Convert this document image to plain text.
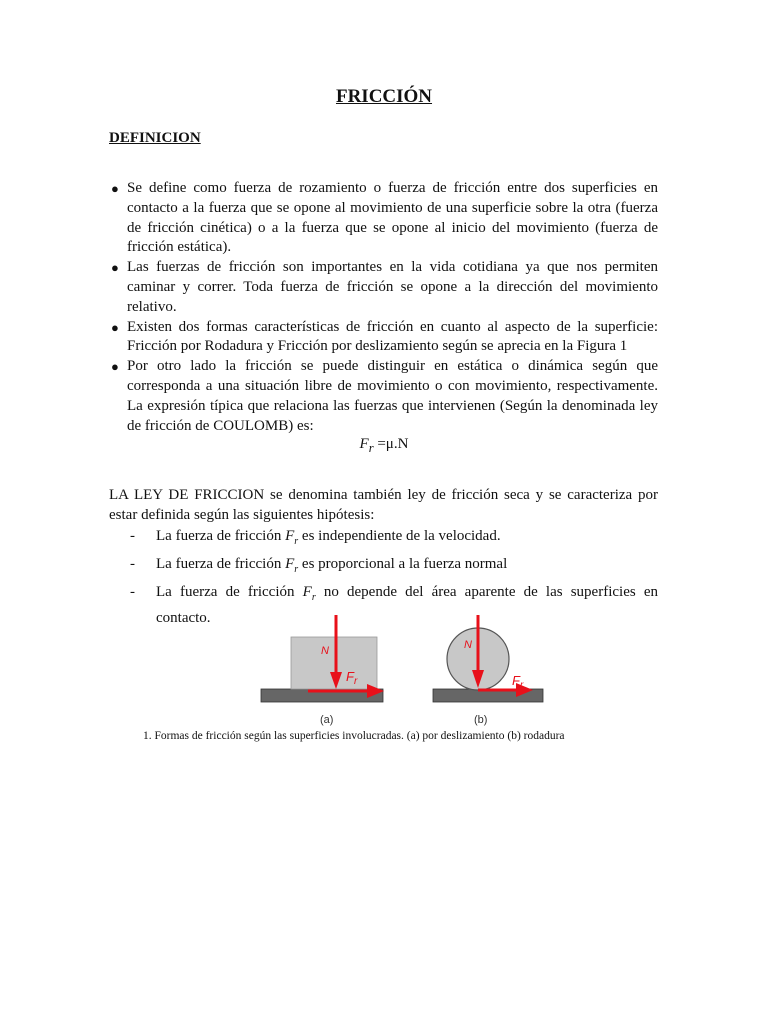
FRICCIÓN
DEFINICION
● Se define como fuerza de rozamiento o fuerza de fricción entre dos superficies en contacto a la fuerza que se opone al movimiento de una superficie sobre la otra (fuerza de fricción cinética) o a la fuerza que se opone al inicio del movimiento (fuerza de fricción estática).
● Las fuerzas de fricción son importantes en la vida cotidiana ya que nos permiten caminar y correr. Toda fuerza de fricción se opone a la dirección del movimiento relativo.
● Existen dos formas características de fricción en cuanto al aspecto de la superficie: Fricción por Rodadura y Fricción por deslizamiento según se aprecia en la Figura 1
● Por otro lado la fricción se puede distinguir en estática o dinámica según que corresponda a una situación libre de movimiento o con movimiento, respectivamente. La expresión típica que relaciona las fuerzas que intervienen (Según la denominada ley de fricción de COULOMB) es:
$F_r =\mu.N$
LA LEY DE FRICCION se denomina también ley de fricción seca y se caracteriza por estar definida según las siguientes hipótesis:
- La fuerza de fricción $F_r$ es independiente de la velocidad.
- La fuerza de fricción $F_r$ es proporcional a la fuerza normal
- La fuerza de fricción $F_r$ no depende del área aparente de las superficies en contacto.
N
$F_r$
(a)
N
$F_r$
(b)
1. Formas de fricción según las superficies involucradas. (a) por deslizamiento (b) rodadura
